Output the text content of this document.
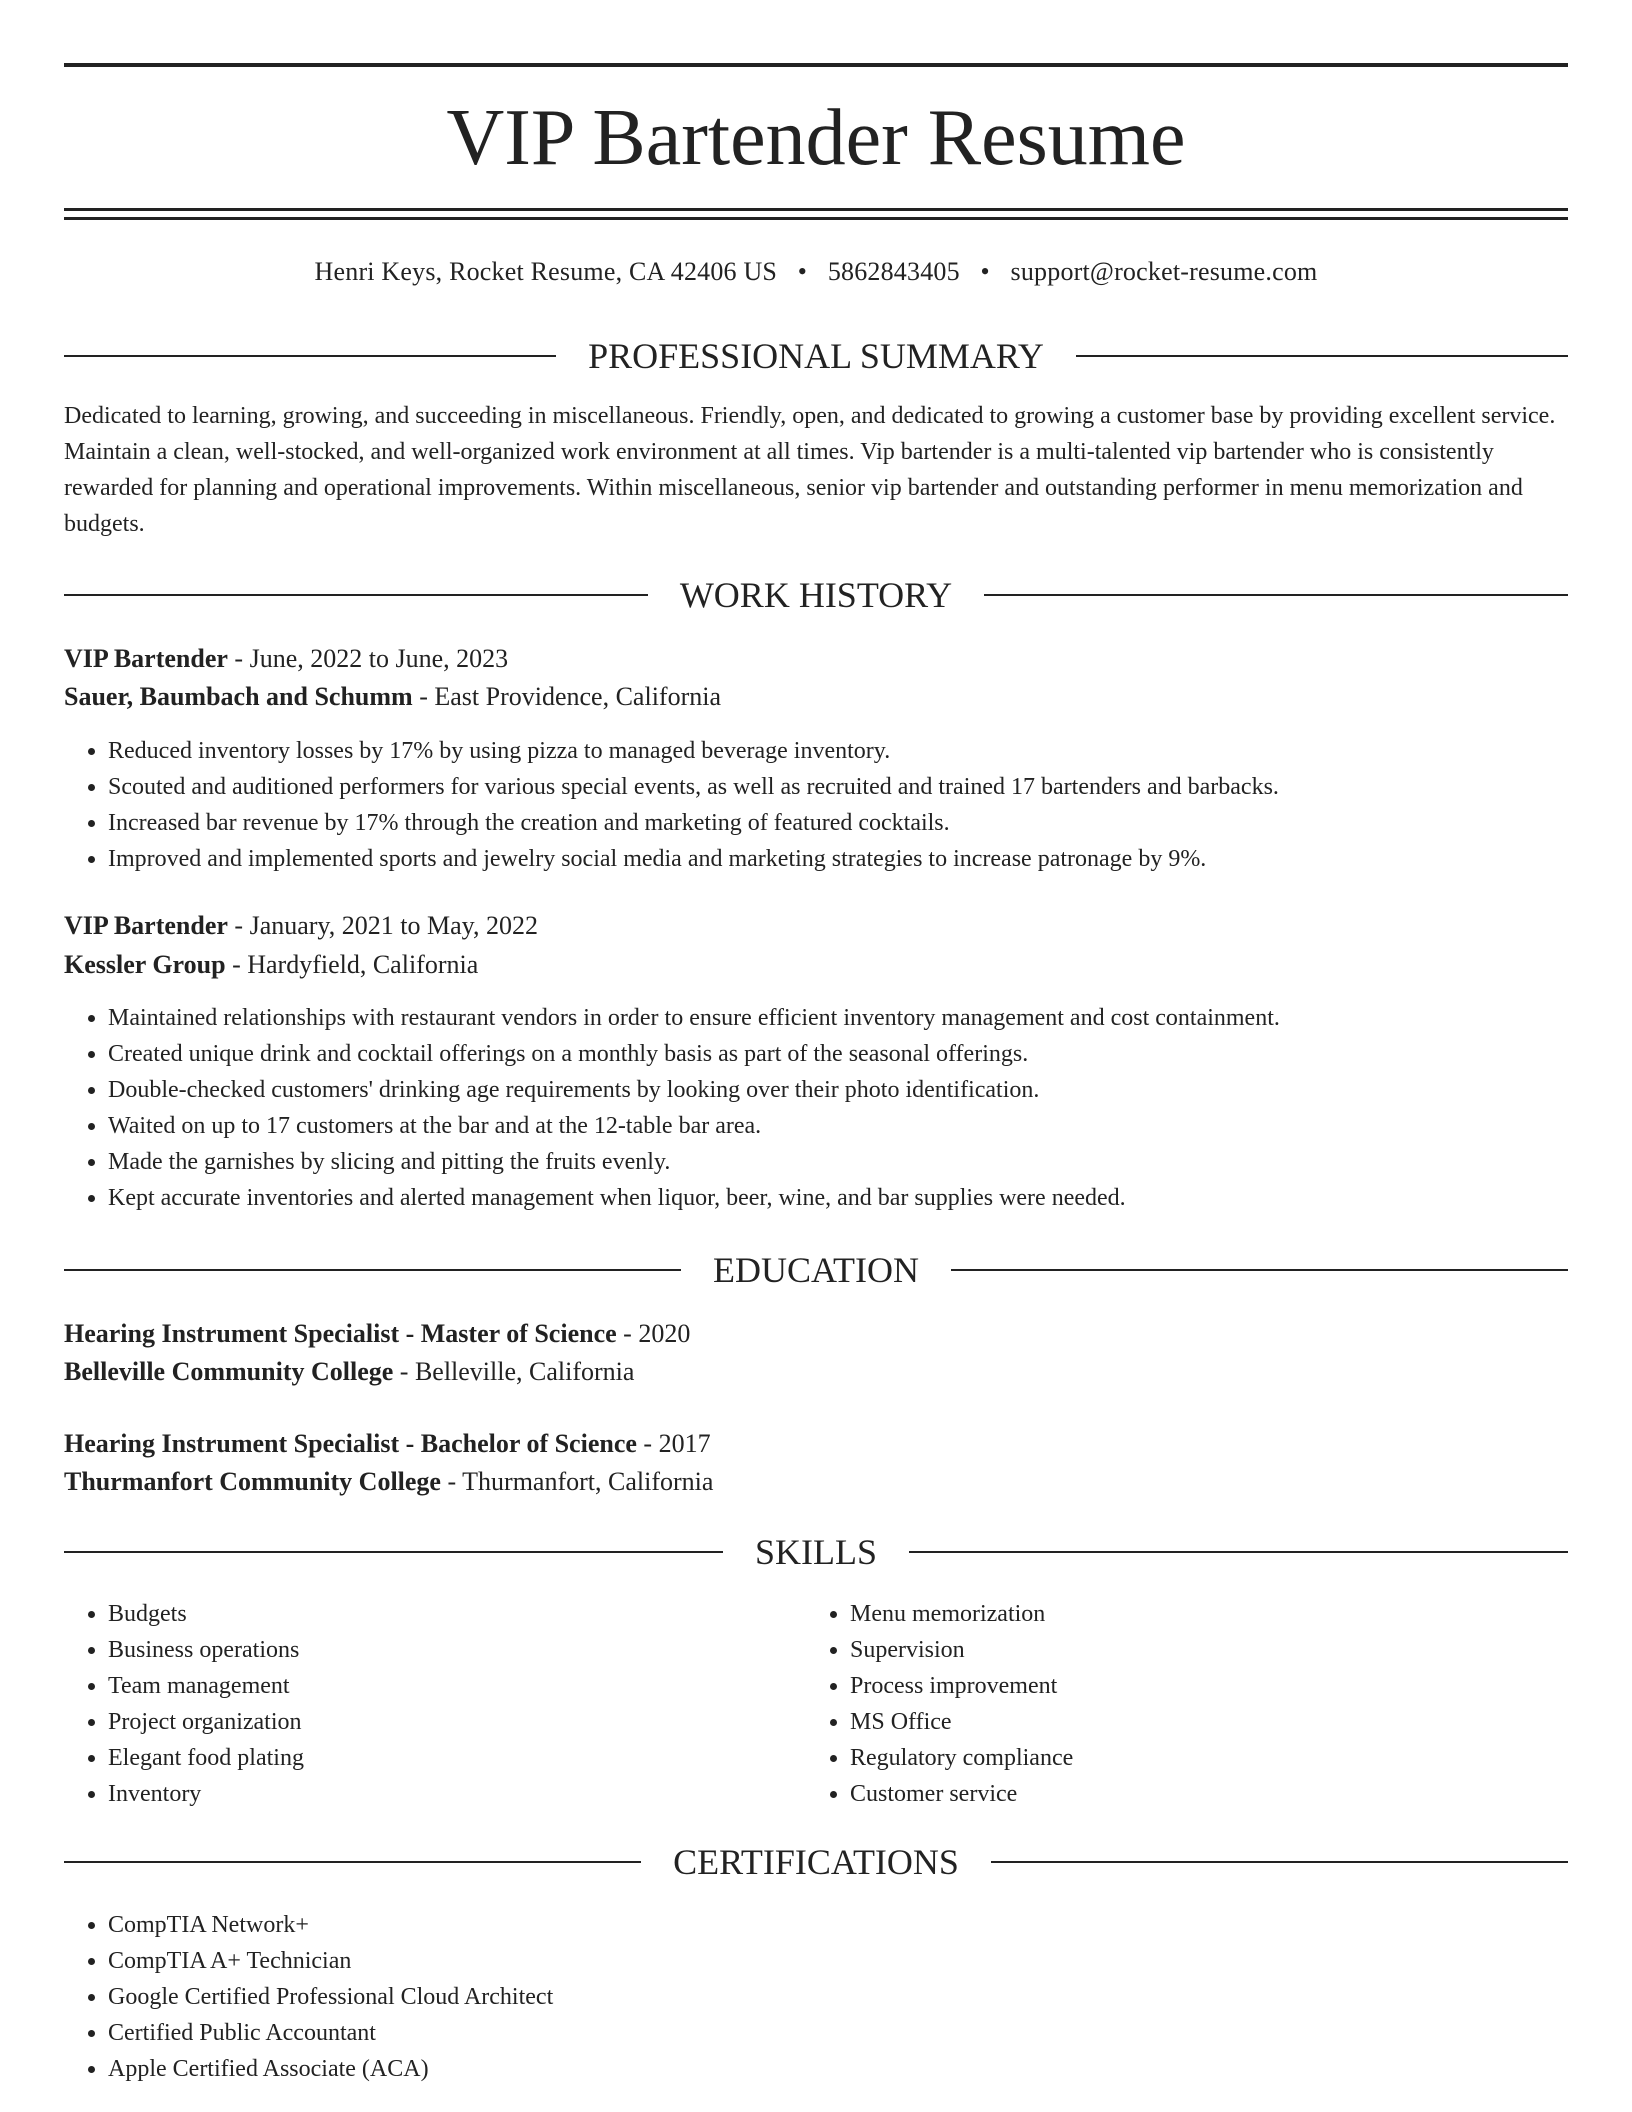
VIP Bartender Resume
Henri Keys, Rocket Resume, CA 42406 US • 5862843405 • support@rocket-resume.com
PROFESSIONAL SUMMARY

Dedicated to learning, growing, and succeeding in miscellaneous. Friendly, open, and dedicated to growing a customer base by providing excellent service. Maintain a clean, well-stocked, and well-organized work environment at all times. Vip bartender is a multi-talented vip bartender who is consistently rewarded for planning and operational improvements. Within miscellaneous, senior vip bartender and outstanding performer in menu memorization and budgets.

WORK HISTORY
VIP Bartender - June, 2022 to June, 2023
Sauer, Baumbach and Schumm - East Providence, California
• Reduced inventory losses by 17% by using pizza to managed beverage inventory.
• Scouted and auditioned performers for various special events, as well as recruited and trained 17 bartenders and barbacks.
• Increased bar revenue by 17% through the creation and marketing of featured cocktails.
• Improved and implemented sports and jewelry social media and marketing strategies to increase patronage by 9%.
VIP Bartender - January, 2021 to May, 2022
Kessler Group - Hardyfield, California
• Maintained relationships with restaurant vendors in order to ensure efficient inventory management and cost containment.
• Created unique drink and cocktail offerings on a monthly basis as part of the seasonal offerings.
• Double-checked customers' drinking age requirements by looking over their photo identification.
• Waited on up to 17 customers at the bar and at the 12-table bar area.
• Made the garnishes by slicing and pitting the fruits evenly.
• Kept accurate inventories and alerted management when liquor, beer, wine, and bar supplies were needed.
EDUCATION
Hearing Instrument Specialist - Master of Science - 2020
Belleville Community College - Belleville, California
Hearing Instrument Specialist - Bachelor of Science - 2017
Thurmanfort Community College - Thurmanfort, California
SKILLS
• Budgets
• Business operations
• Team management
• Project organization
• Elegant food plating
• Inventory
• Menu memorization
• Supervision
• Process improvement
• MS Office
• Regulatory compliance
• Customer service
CERTIFICATIONS
• CompTIA Network+
• CompTIA A+ Technician
• Google Certified Professional Cloud Architect
• Certified Public Accountant
• Apple Certified Associate (ACA)
